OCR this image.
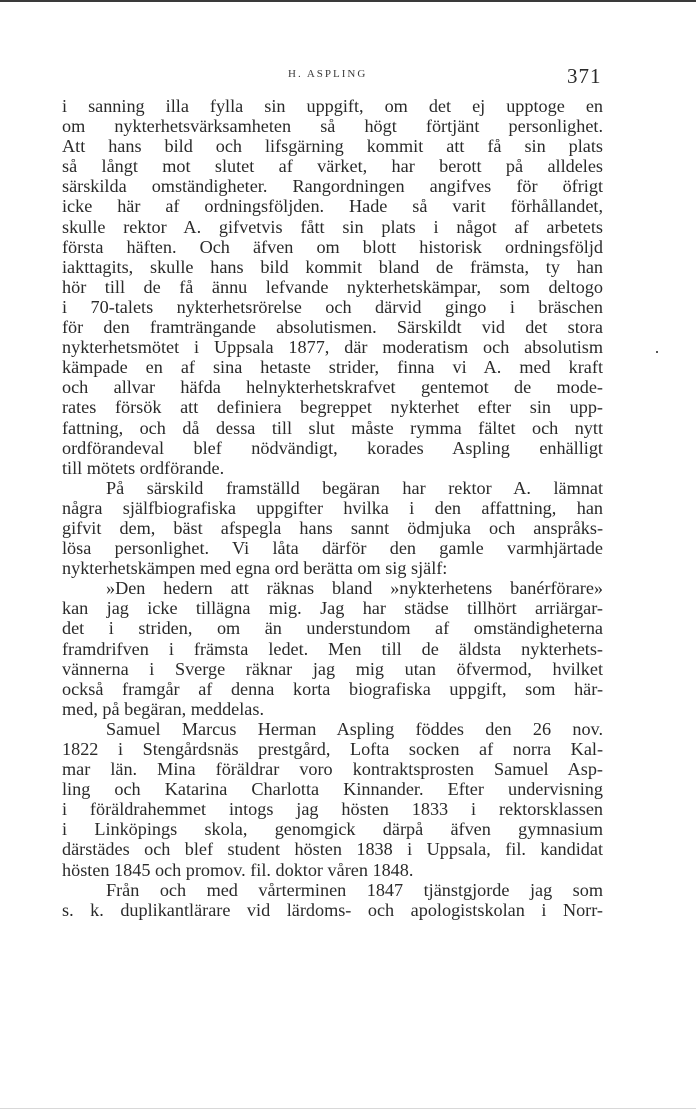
H. ASPLING	371
i sanning illa fylla sin uppgift, om det ej upptoge en
om nykterhetsvärksamheten så högt förtjänt personlighet.
Att hans bild och lifsgärning kommit att få sin plats
så långt mot slutet af värket, har berott på alldeles
särskilda omständigheter. Rangordningen angifves för öfrigt
icke här af ordningsföljden. Hade så varit förhållandet,
skulle rektor A. gifvetvis fått sin plats i något af arbetets
första häften. Och äfven om blott historisk ordningsföljd
iakttagits, skulle hans bild kommit bland de främsta, ty han
hör till de få ännu lefvande nykterhetskämpar, som deltogo
i 70-talets nykterhetsrörelse och därvid gingo i bräschen
för den framträngande absolutismen. Särskildt vid det stora
nykterhetsmötet i Uppsala 1877, där moderatism och absolutism
kämpade en af sina hetaste strider, finna vi A. med kraft
och allvar häfda helnykterhetskrafvet gentemot de mode-
rates försök att definiera begreppet nykterhet efter sin upp-
fattning, och då dessa till slut måste rymma fältet och nytt
ordförandeval blef nödvändigt, korades Aspling enhälligt
till mötets ordförande.
På särskild framställd begäran har rektor A. lämnat
några själfbiografiska uppgifter hvilka i den affattning, han
gifvit dem, bäst afspegla hans sannt ödmjuka och anspråks-
lösa personlighet. Vi låta därför den gamle varmhjärtade
nykterhetskämpen med egna ord berätta om sig själf:
»Den hedern att räknas bland »nykterhetens banérförare»
kan jag icke tillägna mig. Jag har städse tillhört arriärgar-
det i striden, om än understundom af omständigheterna
framdrifven i främsta ledet. Men till de äldsta nykterhets-
vännerna i Sverge räknar jag mig utan öfvermod, hvilket
också framgår af denna korta biografiska uppgift, som här-
med, på begäran, meddelas.
Samuel Marcus Herman Aspling föddes den 26 nov.
1822 i Stengårdsnäs prestgård, Lofta socken af norra Kal-
mar län. Mina föräldrar voro kontraktsprosten Samuel Asp-
ling och Katarina Charlotta Kinnander. Efter undervisning
i föräldrahemmet intogs jag hösten 1833 i rektorsklassen
i Linköpings skola, genomgick därpå äfven gymnasium
därstädes och blef student hösten 1838 i Uppsala, fil. kandidat
hösten 1845 och promov. fil. doktor våren 1848.
Från och med vårterminen 1847 tjänstgjorde jag som
s. k. duplikantlärare vid lärdoms- och apologistskolan i Norr-
